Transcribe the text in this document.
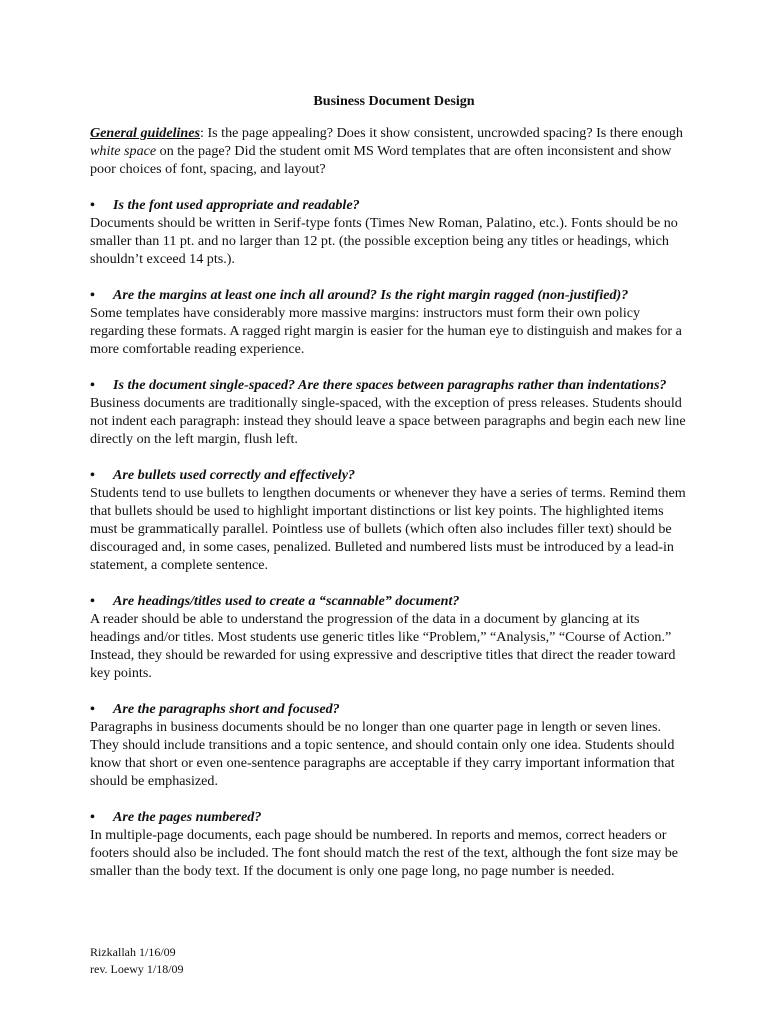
Business Document Design

General guidelines: Is the page appealing? Does it show consistent, uncrowded spacing? Is there enough white space on the page? Did the student omit MS Word templates that are often inconsistent and show poor choices of font, spacing, and layout?

•	Is the font used appropriate and readable?

Documents should be written in Serif-type fonts (Times New Roman, Palatino, etc.). Fonts should be no smaller than 11 pt. and no larger than 12 pt. (the possible exception being any titles or headings, which shouldn’t exceed 14 pts.).

•	Are the margins at least one inch all around? Is the right margin ragged (non-justified)?

Some templates have considerably more massive margins: instructors must form their own policy regarding these formats. A ragged right margin is easier for the human eye to distinguish and makes for a more comfortable reading experience.

•	Is the document single-spaced? Are there spaces between paragraphs rather than indentations?

Business documents are traditionally single-spaced, with the exception of press releases. Students should not indent each paragraph: instead they should leave a space between paragraphs and begin each new line directly on the left margin, flush left.

•	Are bullets used correctly and effectively?

Students tend to use bullets to lengthen documents or whenever they have a series of terms. Remind them that bullets should be used to highlight important distinctions or list key points. The highlighted items must be grammatically parallel. Pointless use of bullets (which often also includes filler text) should be discouraged and, in some cases, penalized. Bulleted and numbered lists must be introduced by a lead-in statement, a complete sentence.

•	Are headings/titles used to create a “scannable” document?

A reader should be able to understand the progression of the data in a document by glancing at its headings and/or titles. Most students use generic titles like “Problem,” “Analysis,” “Course of Action.” Instead, they should be rewarded for using expressive and descriptive titles that direct the reader toward key points.

•	Are the paragraphs short and focused?

Paragraphs in business documents should be no longer than one quarter page in length or seven lines. They should include transitions and a topic sentence, and should contain only one idea. Students should know that short or even one-sentence paragraphs are acceptable if they carry important information that should be emphasized.

•	Are the pages numbered?

In multiple-page documents, each page should be numbered. In reports and memos, correct headers or footers should also be included. The font should match the rest of the text, although the font size may be smaller than the body text. If the document is only one page long, no page number is needed.

Rizkallah 1/16/09
rev. Loewy 1/18/09
